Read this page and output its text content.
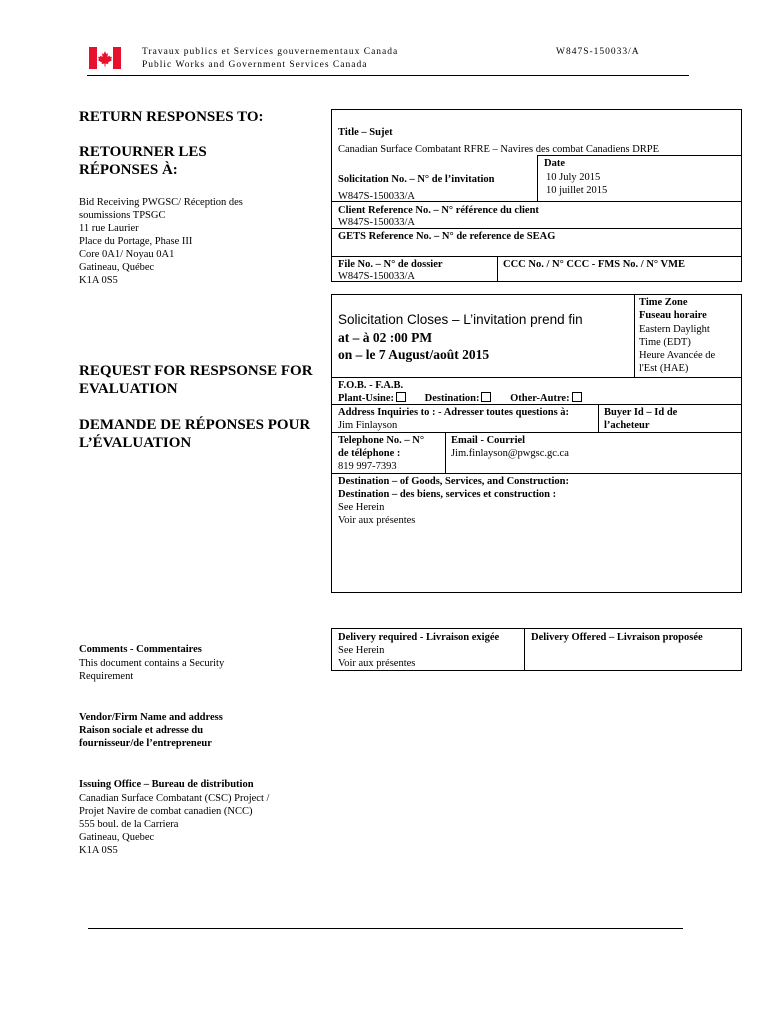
Travaux publics et Services gouvernementaux Canada
Public Works and Government Services Canada
W847S-150033/A
RETURN RESPONSES TO:
RETOURNER LES
RÉPONSES À:
Bid Receiving PWGSC/ Réception des
soumissions TPSGC
11 rue Laurier
Place du Portage, Phase III
Core 0A1/ Noyau 0A1
Gatineau, Québec
K1A 0S5
REQUEST FOR RESPSONSE FOR
EVALUATION
DEMANDE DE RÉPONSES POUR
L’ÉVALUATION
Comments - Commentaires
This document contains a Security
Requirement
Vendor/Firm Name and address
Raison sociale et adresse du
fournisseur/de l’entrepreneur
Issuing Office – Bureau de distribution
Canadian Surface Combatant (CSC) Project /
Projet Navire de combat canadien (NCC)
555 boul. de la Carriera
Gatineau, Quebec
K1A 0S5
Title – Sujet
Canadian Surface Combatant RFRE – Navires des combat Canadiens DRPE
Date
10 July 2015
10 juillet 2015
Solicitation No. – N° de l’invitation
W847S-150033/A
Client Reference No. – N° référence du client
W847S-150033/A
GETS Reference No. – N° de reference de SEAG
File No. – N° de dossier
W847S-150033/A
CCC No. / N° CCC - FMS No. / N° VME
Solicitation Closes – L’invitation prend fin
at – à 02 :00 PM
on – le 7 August/août 2015
Time Zone
Fuseau horaire
Eastern Daylight
Time (EDT)
Heure Avancée de
l'Est (HAE)
F.O.B. - F.A.B.
Plant-Usine:	Destination:	Other-Autre:
Address Inquiries to : - Adresser toutes questions à:
Jim Finlayson
Buyer Id – Id de
l’acheteur
Telephone No. – N°
de téléphone :
819 997-7393
Email - Courriel
Jim.finlayson@pwgsc.gc.ca
Destination – of Goods, Services, and Construction:
Destination – des biens, services et construction :
See Herein
Voir aux présentes
Delivery required - Livraison exigée
See Herein
Voir aux présentes
Delivery Offered – Livraison proposée
